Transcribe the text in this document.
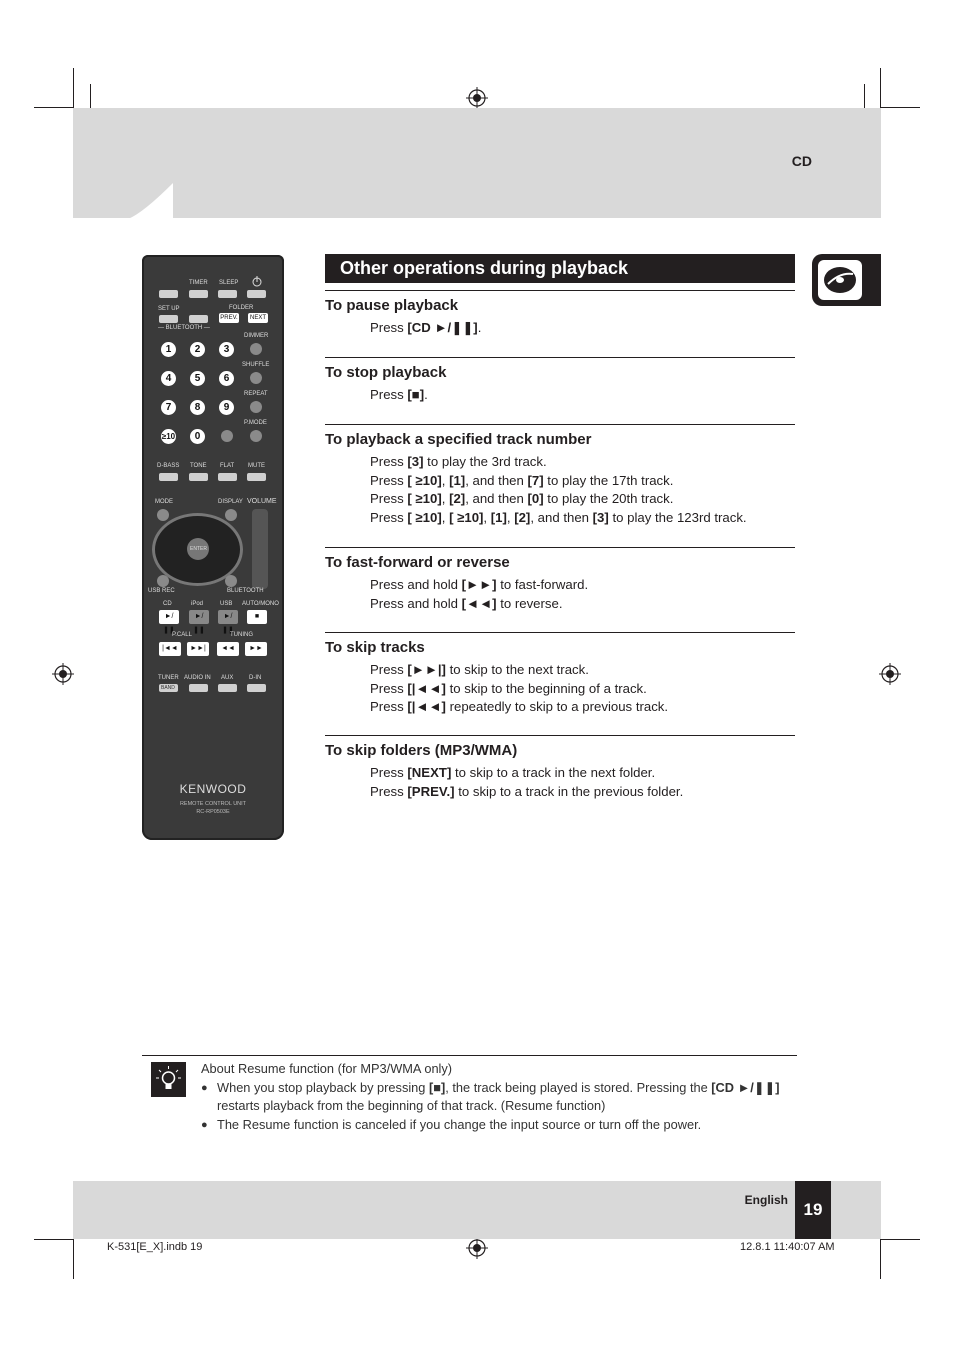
CD
Other operations during playback

To pause playback

Press [CD ►/❚❚].

To stop playback

Press [■].

To playback a specified track number

Press [3] to play the 3rd track.

Press [ ≥10], [1], and then [7] to play the 17th track.

Press [ ≥10], [2], and then [0] to play the 20th track.

Press [ ≥10], [ ≥10], [1], [2], and then [3] to play the 123rd track.

To fast-forward or reverse

Press and hold [►►] to fast-forward.

Press and hold [◄◄] to reverse.

To skip tracks

Press [►►|] to skip to the next track.

Press [|◄◄] to skip to the beginning of a track.

Press [|◄◄] repeatedly to skip to a previous track.

To skip folders (MP3/WMA)

Press [NEXT] to skip to a track in the next folder.

Press [PREV.] to skip to a track in the previous folder.

TIMER SLEEP
SET UP	FOLDER
PREV.	NEXT
— BLUETOOTH —
DIMMER
SHUFFLE
REPEAT
P.MODE
1	2	3
4	5	6
7	8	9
≥10	0
D-BASS TONE FLAT MUTE
MODE	DISPLAY VOLUME
ENTER
USB REC	BLUETOOTH
CD	iPod	USB AUTO/MONO
►/❚❚
►/❚❚
►/❚❚
■
P.CALL	TUNING
|◄◄	►►|	◄◄	►►
TUNER AUDIO IN AUX	D-IN
BAND
KENWOOD
REMOTE CONTROL UNIT
RC-RP0503E

About Resume function (for MP3/WMA only)

● When you stop playback by pressing [■], the track being played is stored. Pressing the [CD ►/❚❚]
restarts playback from the beginning of that track. (Resume function)

● The Resume function is canceled if you change the input source or turn off the power.

English 19
K-531[E_X].indb 19	12.8.1 11:40:07 AM
